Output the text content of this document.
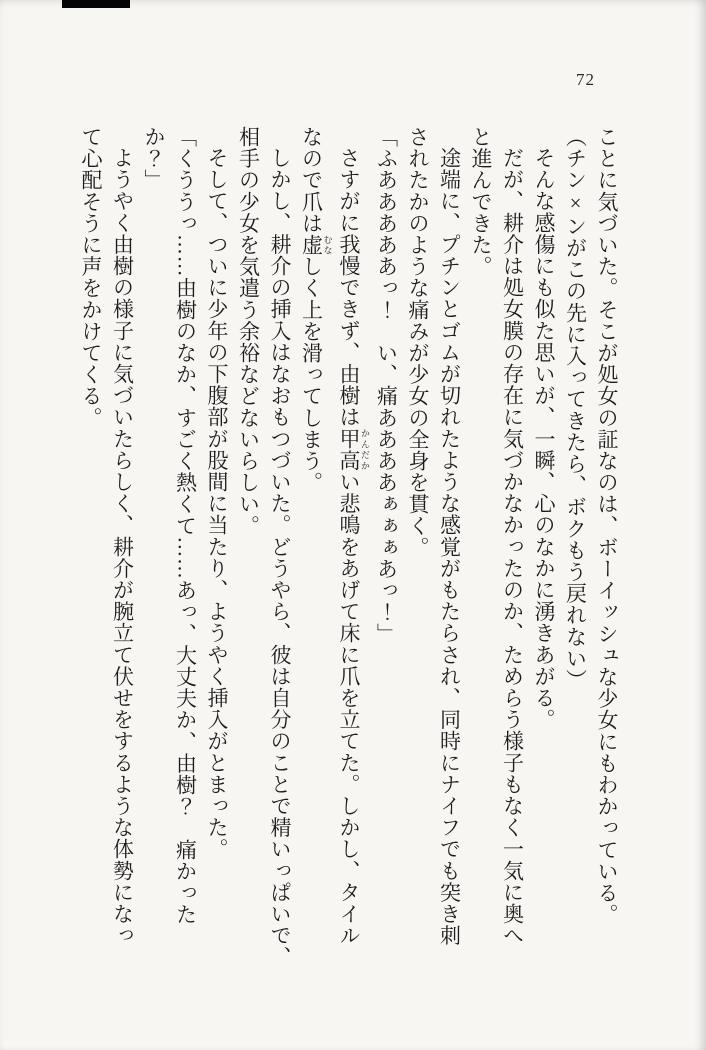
72

ことに気づいた。そこが処女の証なのは、ボーイッシュな少女にもわかっている。

（チン×ンがこの先に入ってきたら、ボクもう戻れない）

そんな感傷にも似た思いが、一瞬、心のなかに湧きあがる。

だが、耕介は処女膜の存在に気づかなかったのか、ためらう様子もなく一気に奥へ

と進んできた。

途端に、プチンとゴムが切れたような感覚がもたらされ、同時にナイフでも突き刺

されたかのような痛みが少女の全身を貫く。

「ふあああああっ！　い、痛ああああぁぁぁあっ！」

さすがに我慢できず、由樹は甲高 かんだかい悲鳴をあげて床に爪を立てた。しかし、タイル

なので爪は虚 むなしく上を滑ってしまう。

しかし、耕介の挿入はなおもつづいた。どうやら、彼は自分のことで精いっぱいで、

相手の少女を気遣う余裕などないらしい。

そして、ついに少年の下腹部が股間に当たり、ようやく挿入がとまった。

「くううっ……由樹のなか、すごく熱くて……あっ、大丈夫か、由樹？　痛かった

か？」

ようやく由樹の様子に気づいたらしく、耕介が腕立て伏せをするような体勢になっ

て心配そうに声をかけてくる。
